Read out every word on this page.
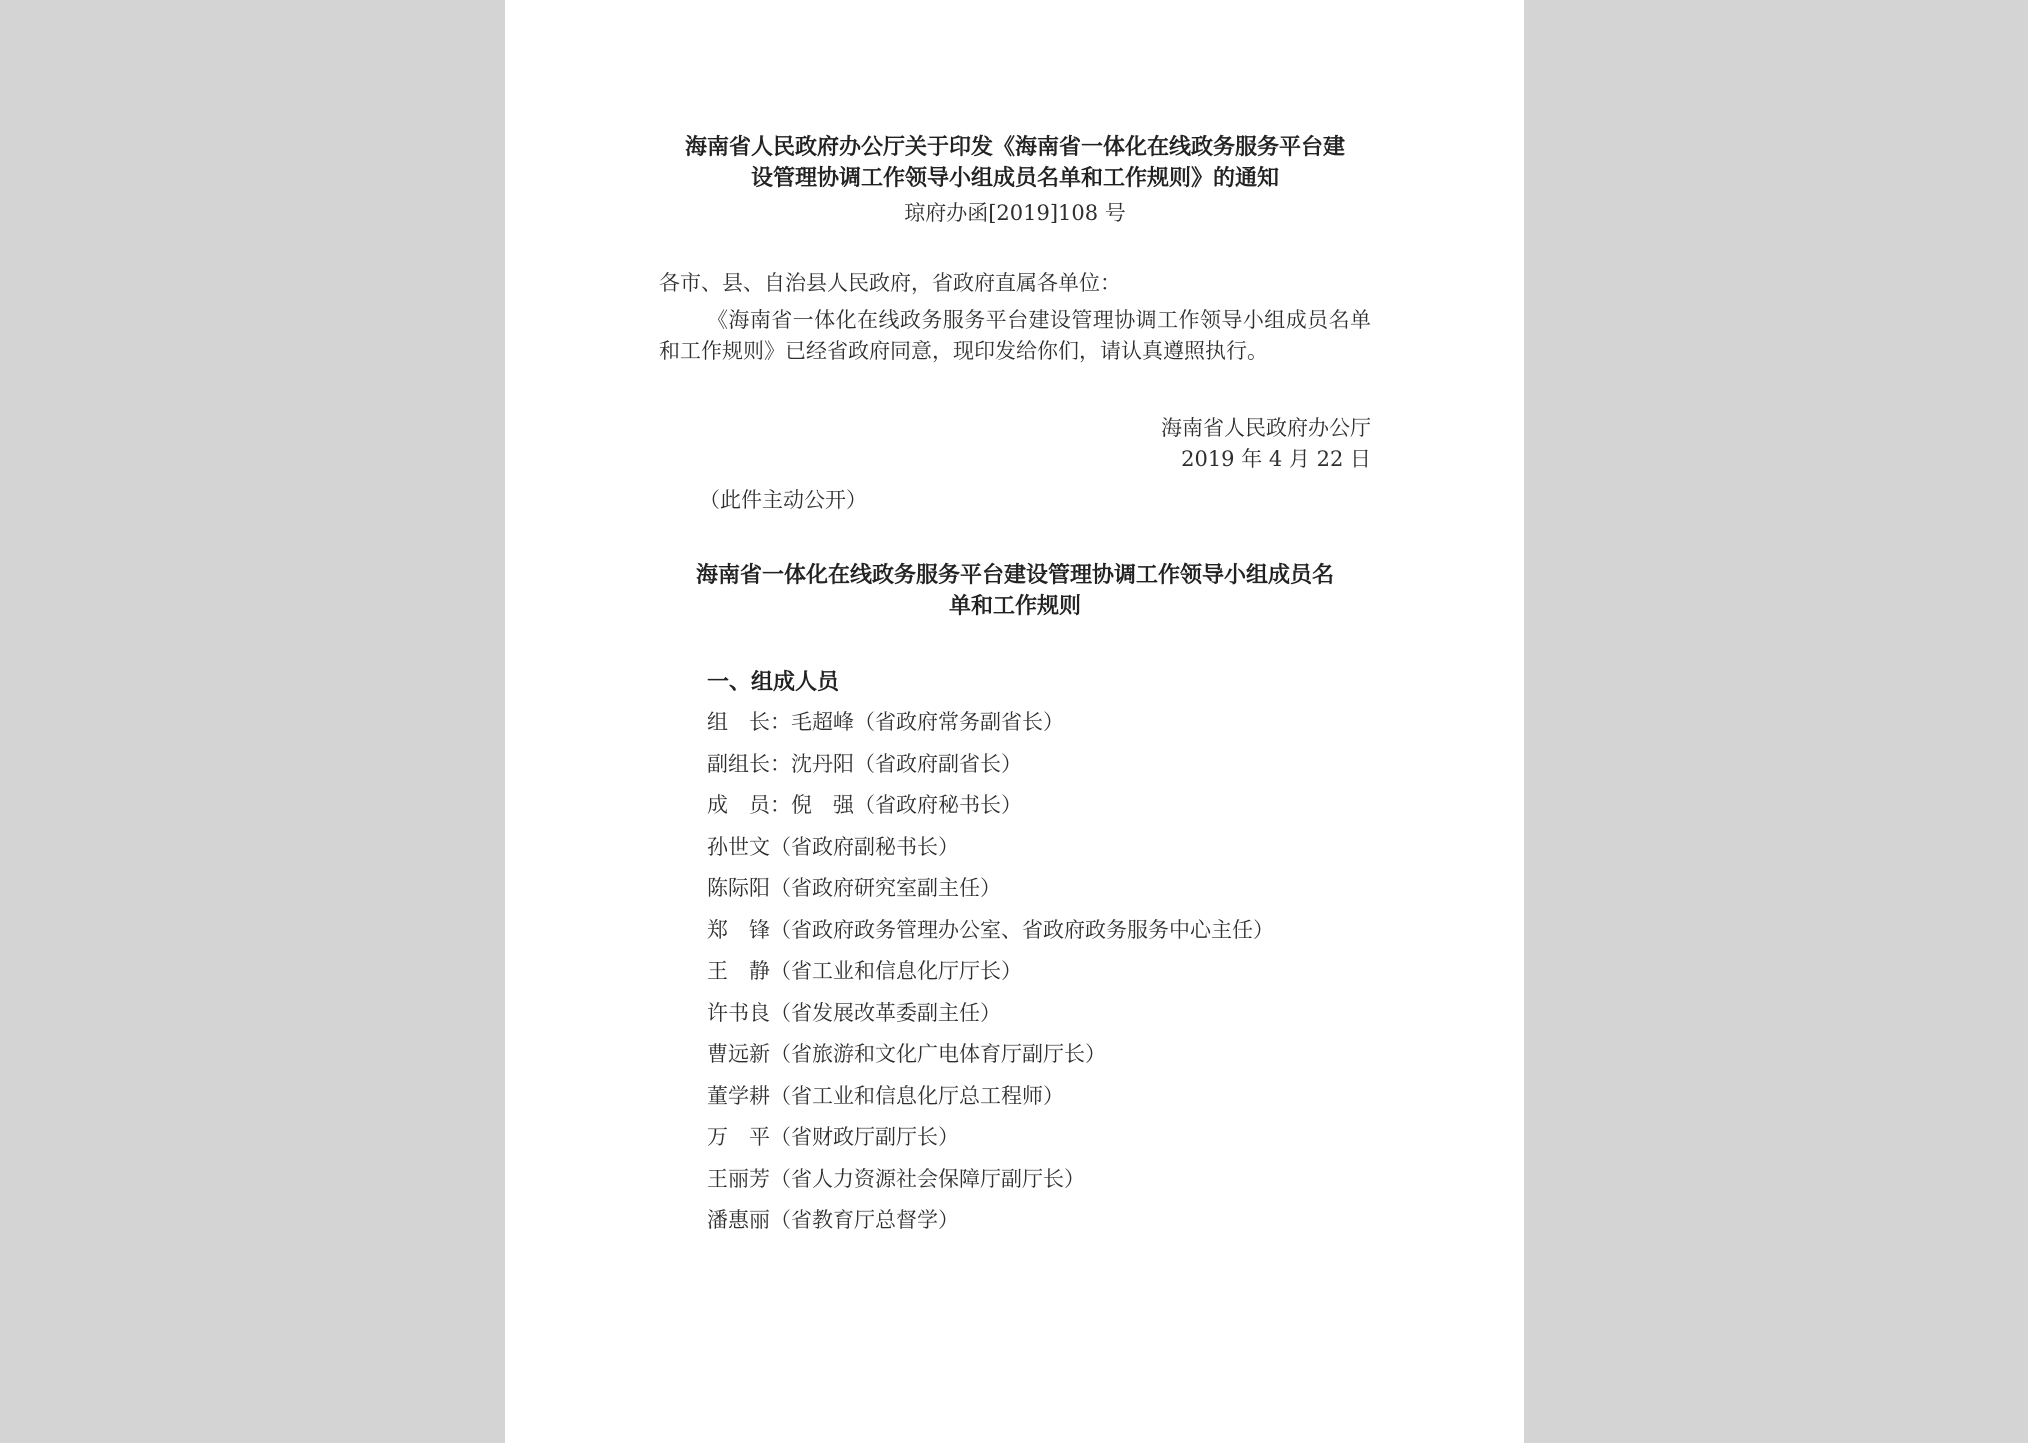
海南省人民政府办公厅关于印发《海南省一体化在线政务服务平台建
设管理协调工作领导小组成员名单和工作规则》的通知
琼府办函[2019]108 号
各市、县、自治县人民政府，省政府直属各单位：
《海南省一体化在线政务服务平台建设管理协调工作领导小组成员名单和工作规则》已经省政府同意，现印发给你们，请认真遵照执行。
海南省人民政府办公厅
2019 年 4 月 22 日
（此件主动公开）
海南省一体化在线政务服务平台建设管理协调工作领导小组成员名
单和工作规则
一、组成人员
组　长：毛超峰（省政府常务副省长）
副组长：沈丹阳（省政府副省长）
成　员：倪　强（省政府秘书长）
孙世文（省政府副秘书长）
陈际阳（省政府研究室副主任）
郑　锋（省政府政务管理办公室、省政府政务服务中心主任）
王　静（省工业和信息化厅厅长）
许书良（省发展改革委副主任）
曹远新（省旅游和文化广电体育厅副厅长）
董学耕（省工业和信息化厅总工程师）
万　平（省财政厅副厅长）
王丽芳（省人力资源社会保障厅副厅长）
潘惠丽（省教育厅总督学）
